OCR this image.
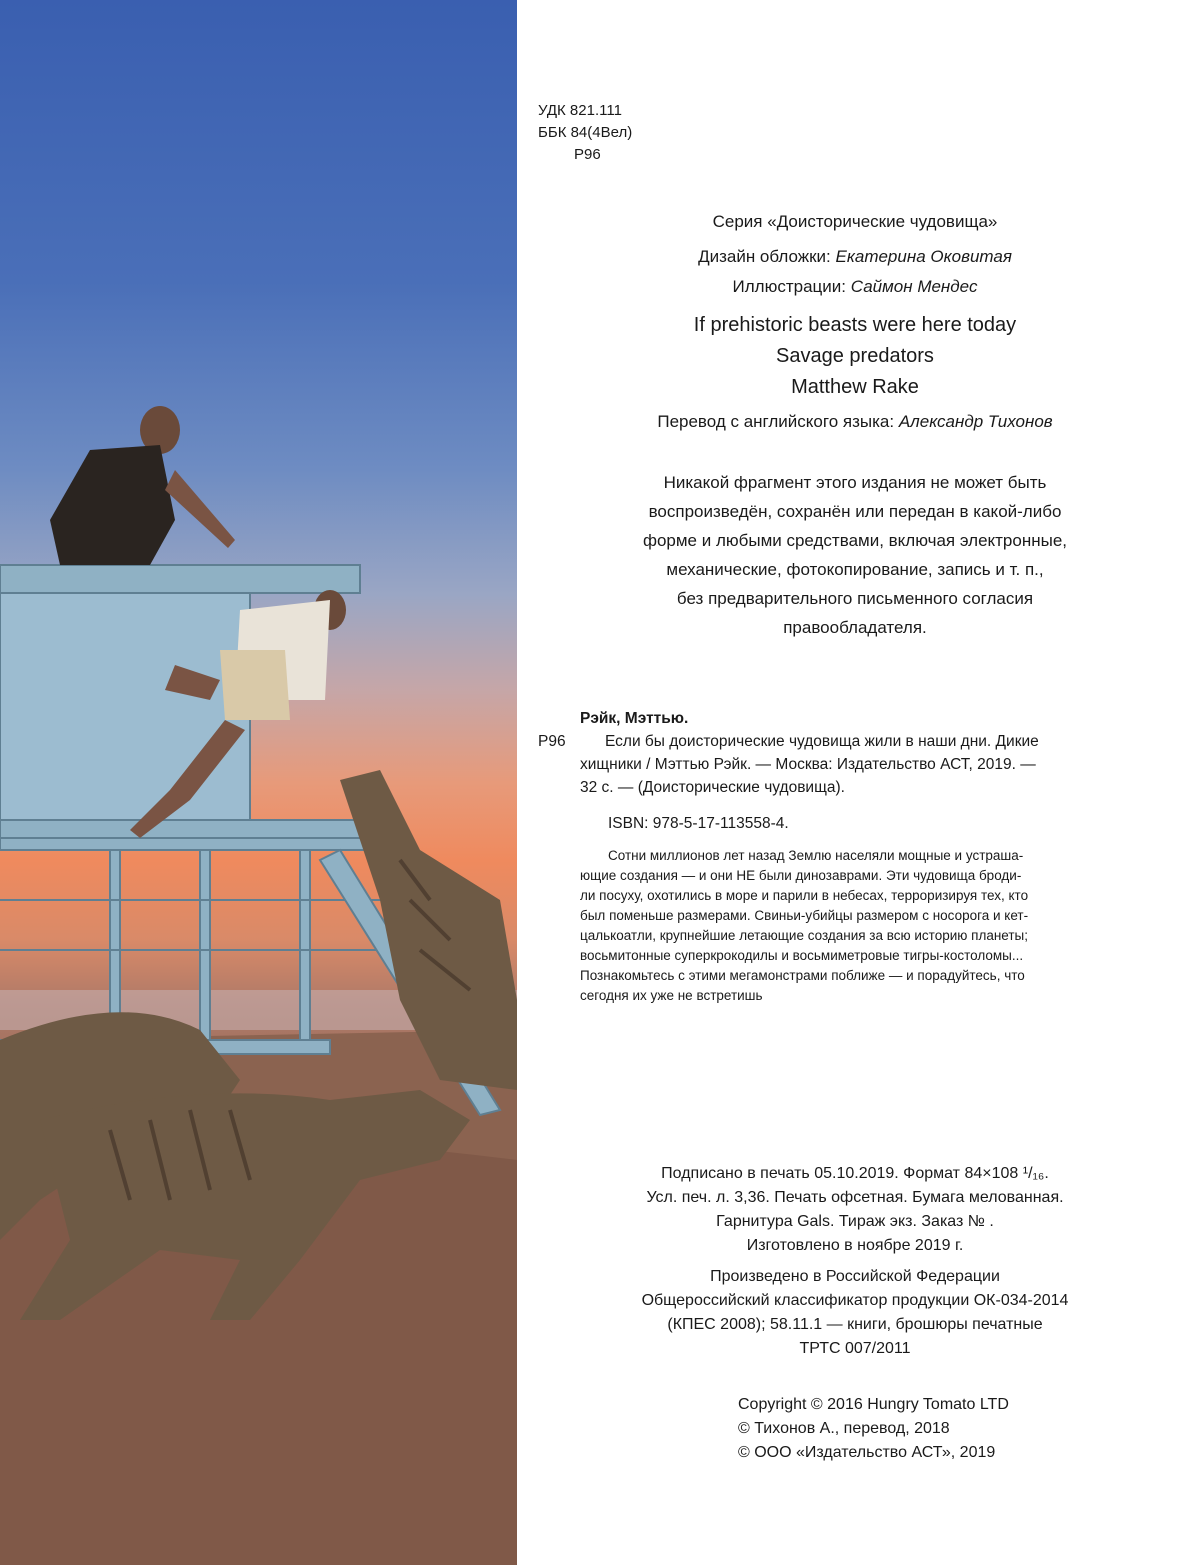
УДК 821.111

ББК 84(4Вел)

Р96

Серия «Доисторические чудовища»

Дизайн обложки: Екатерина Оковитая

Иллюстрации: Саймон Мендес

If prehistoric beasts were here today

Savage predators

Matthew Rake

Перевод с английского языка: Александр Тихонов

Никакой фрагмент этого издания не может быть
воспроизведён, сохранён или передан в какой-либо
форме и любыми средствами, включая электронные,
механические, фотокопирование, запись и т. п.,
без предварительного письменного согласия
правообладателя.

Рэйк, Мэттью.

Р96	Если бы доисторические чудовища жили в наши дни. Дикие

хищники / Мэттью Рэйк. — Москва: Издательство АСТ, 2019. —

32 с. — (Доисторические чудовища).

ISBN: 978-5-17-113558-4.

Сотни миллионов лет назад Землю населяли мощные и устраша-
ющие создания — и они НЕ были динозаврами. Эти чудовища броди-
ли посуху, охотились в море и парили в небесах, терроризируя тех, кто
был поменьше размерами. Свиньи-убийцы размером с носорога и кет-
цалькоатли, крупнейшие летающие создания за всю историю планеты;
восьмитонные суперкрокодилы и восьмиметровые тигры-костоломы...
Познакомьтесь с этими мегамонстрами поближе — и порадуйтесь, что
сегодня их уже не встретишь
Подписано в печать 05.10.2019. Формат 84×108 ¹/₁₆.
Усл. печ. л. 3,36. Печать офсетная. Бумага мелованная.
Гарнитура Gals. Тираж экз. Заказ № .
Изготовлено в ноябре 2019 г.
Произведено в Российской Федерации
Общероссийский классификатор продукции ОК-034-2014
(КПЕС 2008); 58.11.1 — книги, брошюры печатные
ТРТС 007/2011
Copyright © 2016 Hungry Tomato LTD
© Тихонов А., перевод, 2018
© ООО «Издательство АСТ», 2019
